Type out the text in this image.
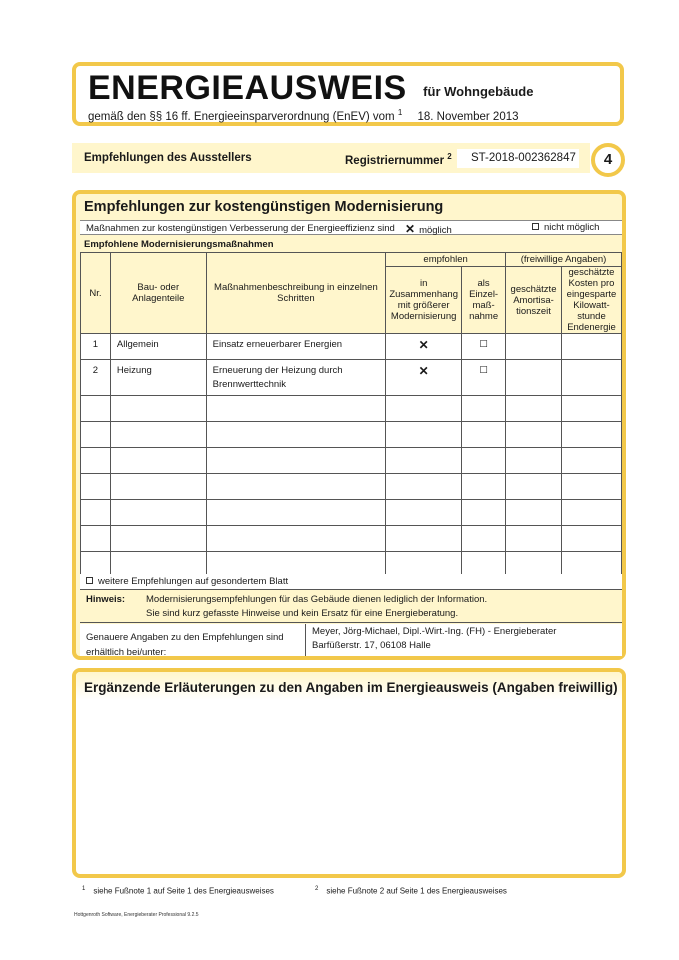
ENERGIEAUSWEIS für Wohngebäude
gemäß den §§ 16 ff. Energieeinsparverordnung (EnEV) vom $^1$ 18. November 2013
Empfehlungen des Ausstellers	Registriernummer $^2$	ST-2018-002362847	4
Empfehlungen zur kostengünstigen Modernisierung
Maßnahmen zur kostengünstigen Verbesserung der Energieeffizienz sind ✕ möglich	nicht möglich
Empfohlene Modernisierungsmaßnahmen
Nr.	Bau- oder Anlagenteile	Maßnahmenbeschreibung in einzelnen Schritten	empfohlen		(freiwillige Angaben)	
			in Zusammenhang mit größerer Modernisierung	als Einzel-maß-nahme	geschätzte Amortisa-tionszeit	geschätzte Kosten pro eingesparte Kilowatt-stunde Endenergie
1	Allgemein	Einsatz erneuerbarer Energien	✕	☐		
2	Heizung	Erneuerung der Heizung durch Brennwerttechnik	✕	☐		

weitere Empfehlungen auf gesondertem Blatt
Hinweis: Modernisierungsempfehlungen für das Gebäude dienen lediglich der Information.
Sie sind kurz gefasste Hinweise und kein Ersatz für eine Energieberatung.
Genauere Angaben zu den Empfehlungen sind erhältlich bei/unter:
Meyer, Jörg-Michael, Dipl.-Wirt.-Ing. (FH) - Energieberater
Barfüßerstr. 17, 06108 Halle
Ergänzende Erläuterungen zu den Angaben im Energieausweis (Angaben freiwillig)
$^1$ siehe Fußnote 1 auf Seite 1 des Energieausweises	$^2$ siehe Fußnote 2 auf Seite 1 des Energieausweises
Hottgenroth Software, Energieberater Professional 9.2.5
